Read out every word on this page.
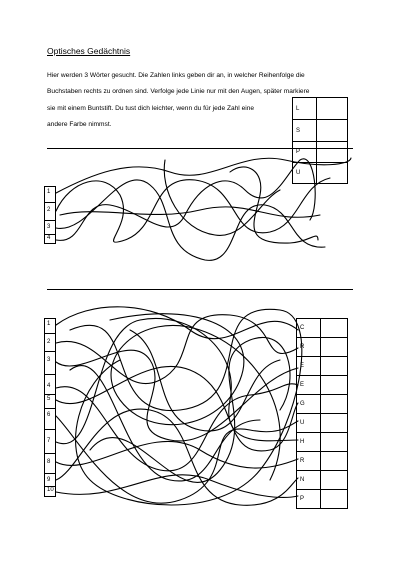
Optisches Gedächtnis
Hier werden 3 Wörter gesucht. Die Zahlen links geben dir an, in welcher Reihenfolge die
Buchstaben rechts zu ordnen sind. Verfolge jede Linie nur mit den Augen, später markiere
sie mit einem Buntstift. Du tust dich leichter, wenn du für jede Zahl eine
andere Farbe nimmst.
L	
S	
P	
U	
1
2
3
4
1
2
3
4
5
6
7
8
9
10
C	
R	
E	
E	
G	
U	
H	
R	
N	
P	
